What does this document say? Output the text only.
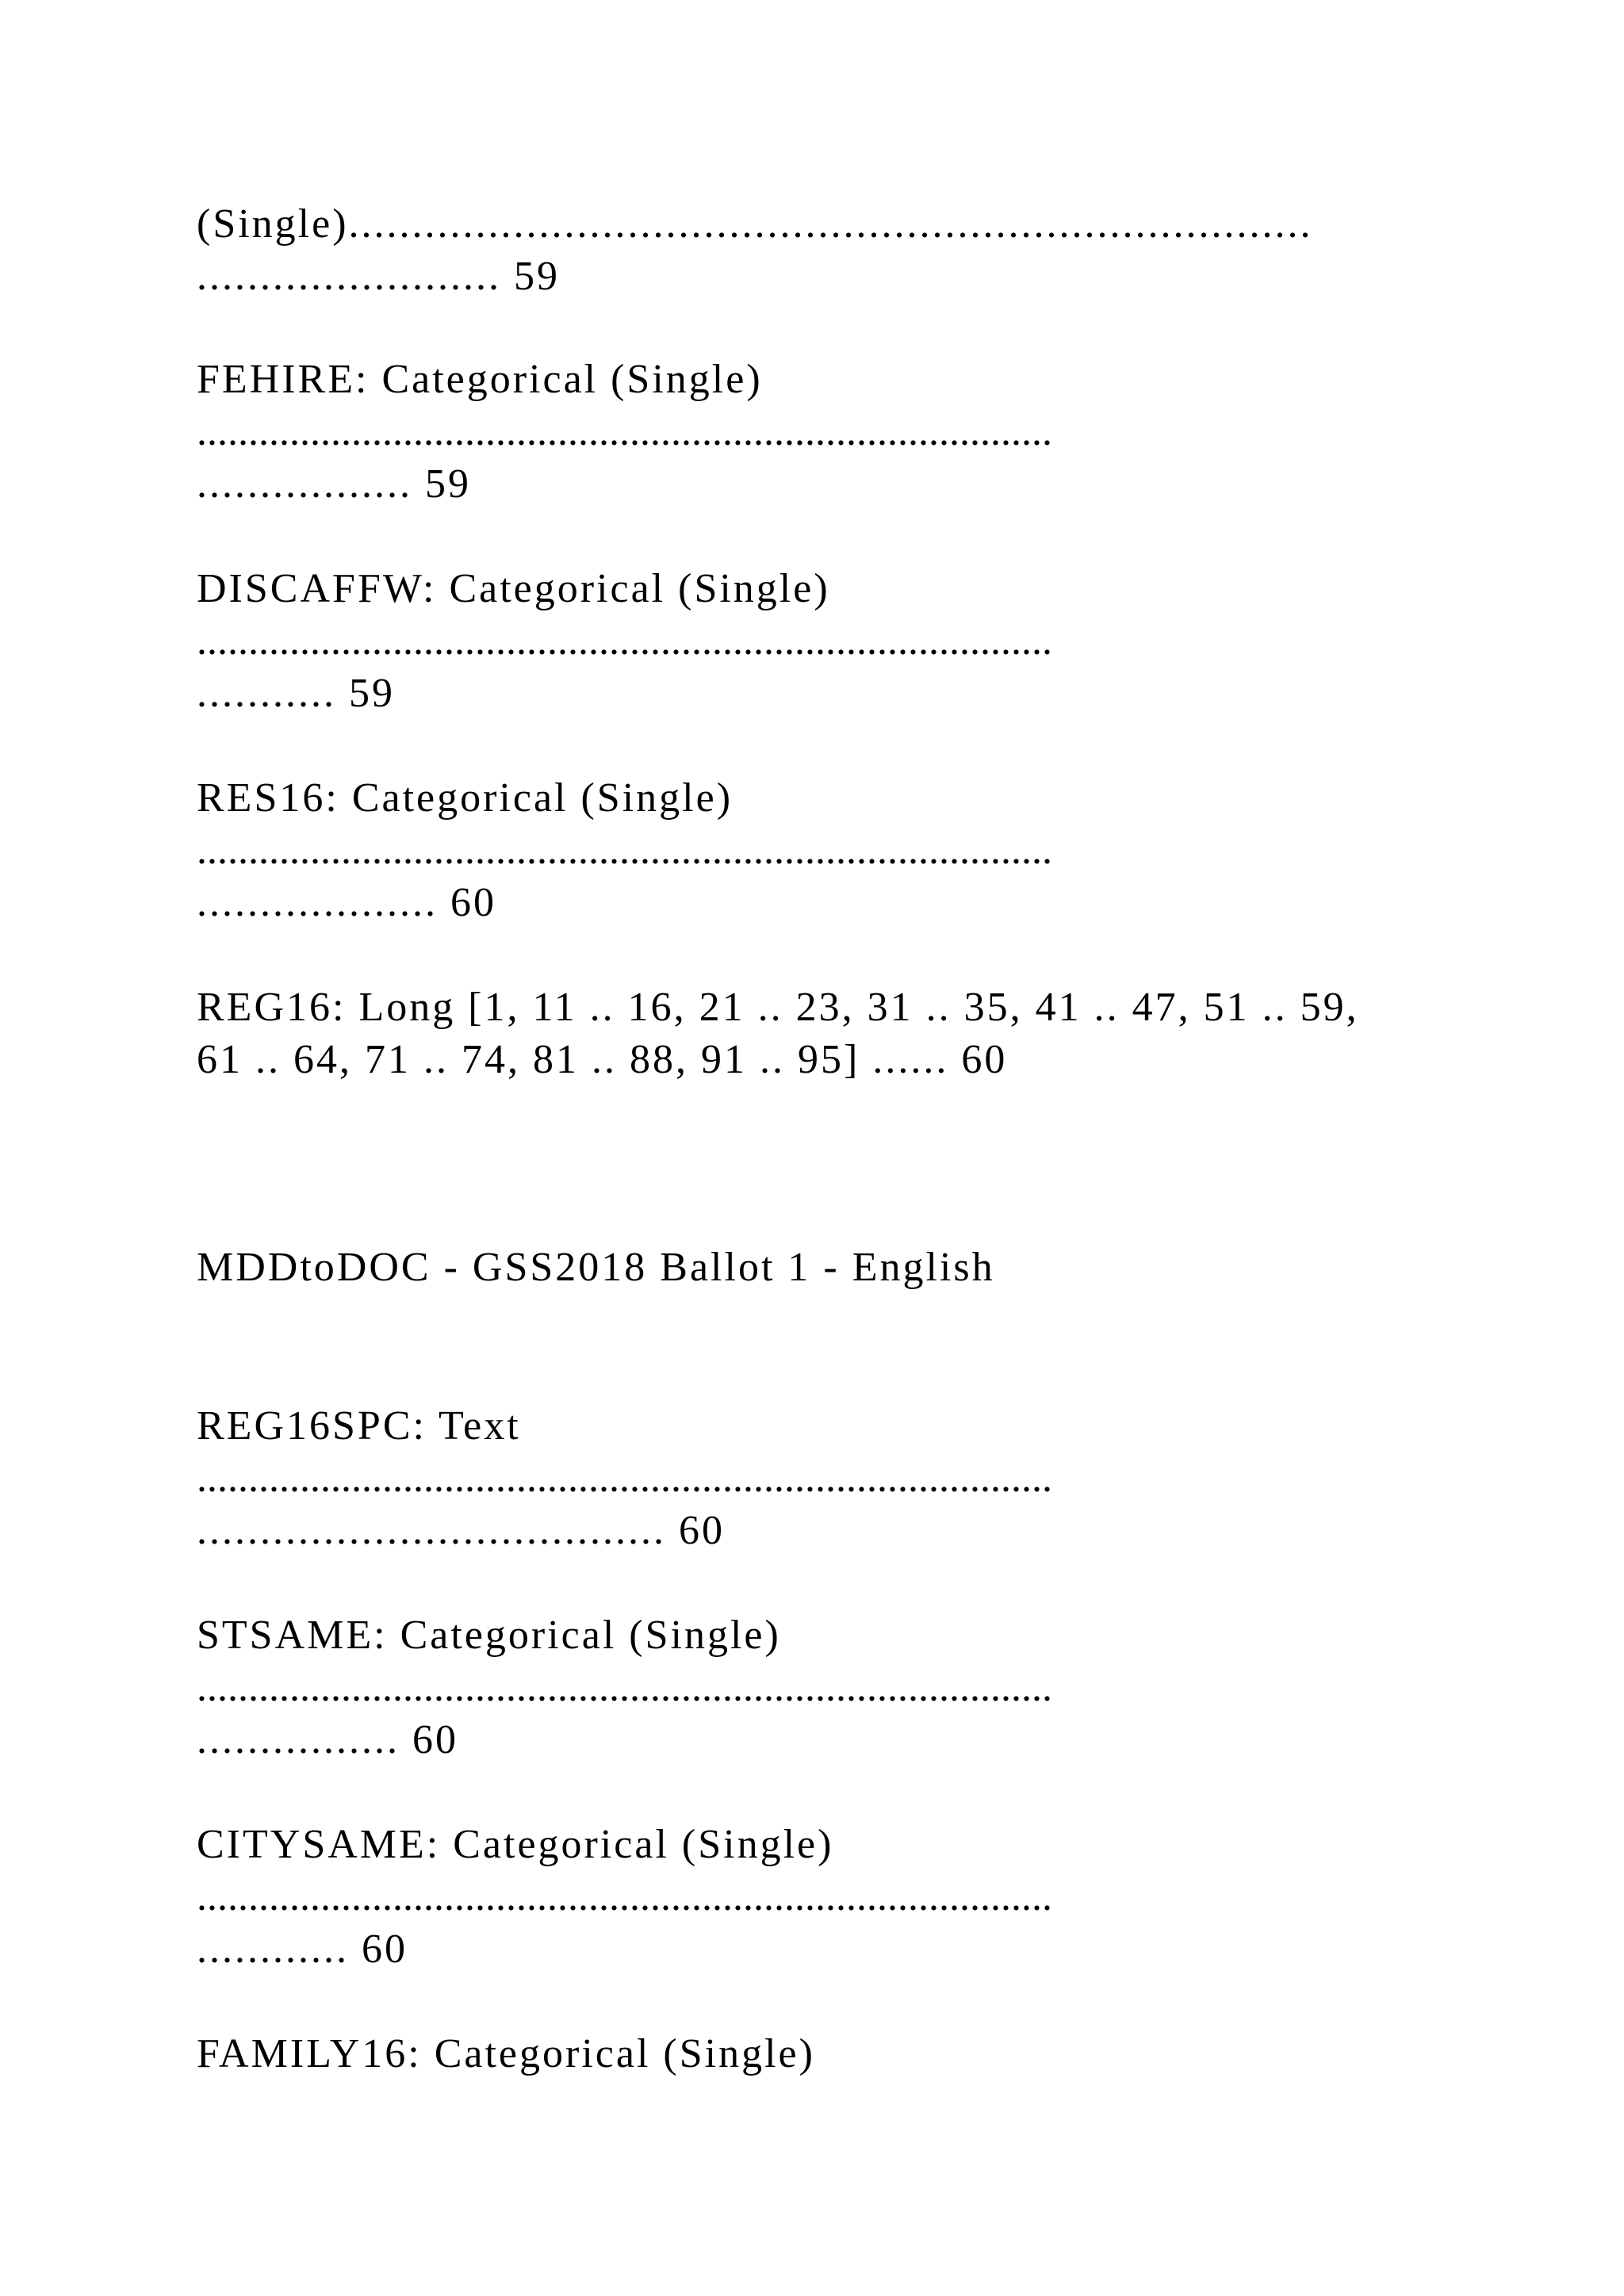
(Single)............................................................................
........................ 59
FEHIRE: Categorical (Single)
...................................................................................
................. 59
DISCAFFW: Categorical (Single)
...................................................................................
........... 59
RES16: Categorical (Single)
...................................................................................
................... 60
REG16: Long [1, 11 .. 16, 21 .. 23, 31 .. 35, 41 .. 47, 51 .. 59,
61 .. 64, 71 .. 74, 81 .. 88, 91 .. 95] ...... 60
MDDtoDOC - GSS2018 Ballot 1 - English
REG16SPC: Text
...................................................................................
..................................... 60
STSAME: Categorical (Single)
...................................................................................
................ 60
CITYSAME: Categorical (Single)
...................................................................................
............ 60
FAMILY16: Categorical (Single)
